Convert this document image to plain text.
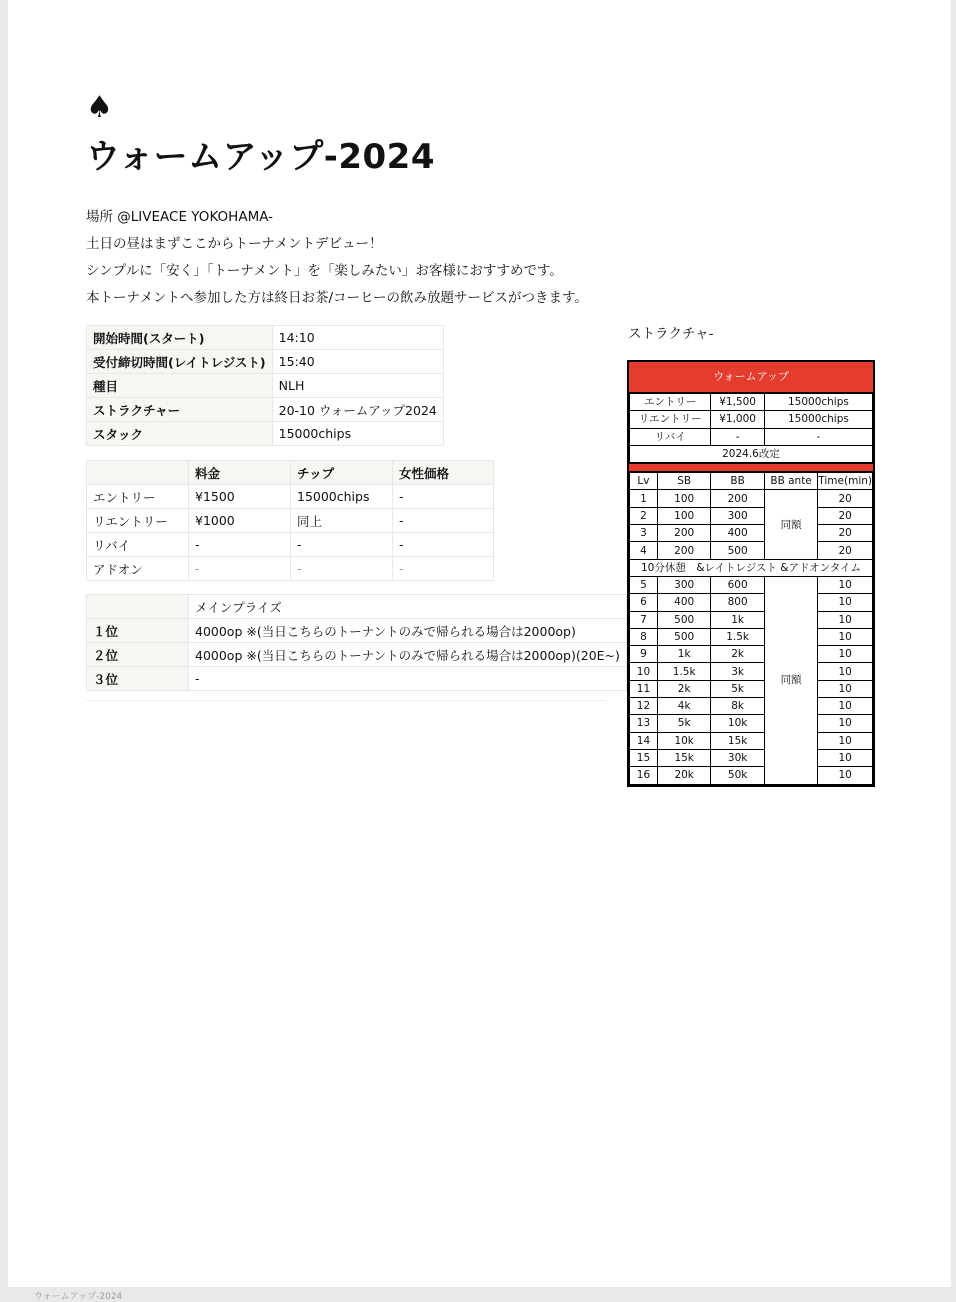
♠
ウォームアップ-2024

場所 @LIVEACE YOKOHAMA-

土日の昼はまずここからトーナメントデビュー！

シンプルに「安く」「トーナメント」を「楽しみたい」お客様におすすめです。

本トーナメントへ参加した方は終日お茶/コーヒーの飲み放題サービスがつきます。

開始時間(スタート)	14:10
受付締切時間(レイトレジスト)	15:40
種目	NLH
ストラクチャー	20-10 ウォームアップ2024
スタック	15000chips
	料金	チップ	女性価格
エントリー	¥1500	15000chips	-
リエントリー	¥1000	同上	-
リバイ	-	-	-
アドオン	-	-	-
	メインプライズ
１位	4000op ※(当日こちらのトーナントのみで帰られる場合は2000op)
２位	4000op ※(当日こちらのトーナントのみで帰られる場合は2000op)(20E~)
３位	-
ストラクチャ-
ウォームアップ
エントリー	¥1,500	15000chips
リエントリー	¥1,000	15000chips
リバイ	-	-
2024.6改定		
Lv	SB	BB	BB ante	Time(min)
1	100	200	同額	20
2	100	300		20
3	200	400		20
4	200	500		20
10分休憩　&レイトレジスト &アドオンタイム				
5	300	600	同額	10
6	400	800		10
7	500	1k		10
8	500	1.5k		10
9	1k	2k		10
10	1.5k	3k		10
11	2k	5k		10
12	4k	8k		10
13	5k	10k		10
14	10k	15k		10
15	15k	30k		10
16	20k	50k		10
ウォームアップ-2024
